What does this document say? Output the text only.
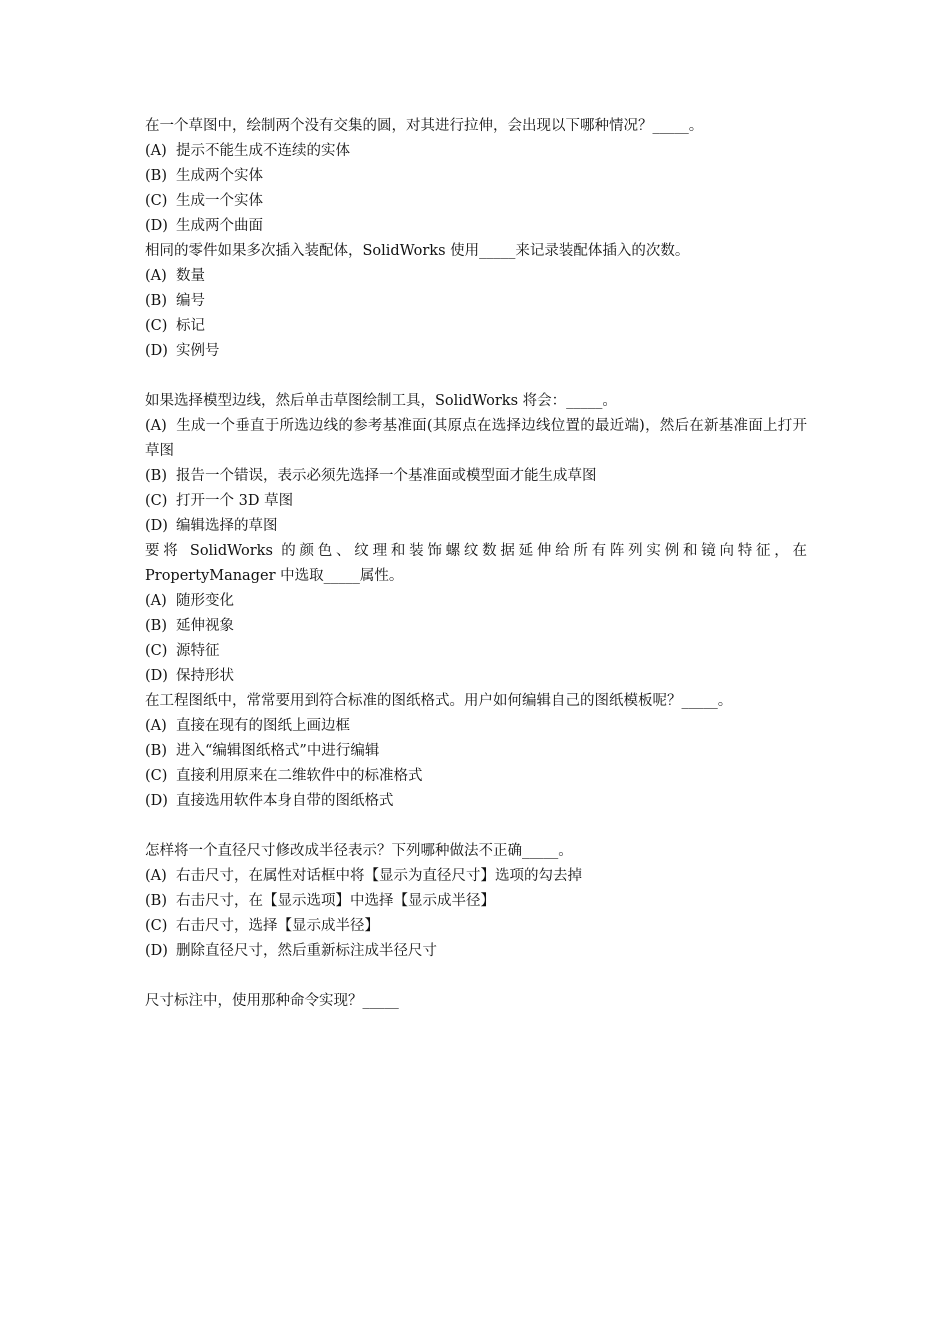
在一个草图中，绘制两个没有交集的圆，对其进行拉伸，会出现以下哪种情况？_____。
(A) 提示不能生成不连续的实体
(B) 生成两个实体
(C) 生成一个实体
(D) 生成两个曲面
相同的零件如果多次插入装配体，SolidWorks 使用_____来记录装配体插入的次数。
(A) 数量
(B) 编号
(C) 标记
(D) 实例号
如果选择模型边线，然后单击草图绘制工具，SolidWorks 将会：_____。
(A) 生成一个垂直于所选边线的参考基准面(其原点在选择边线位置的最近端)，然后在新基准面上打开草图
(B) 报告一个错误，表示必须先选择一个基准面或模型面才能生成草图
(C) 打开一个 3D 草图
(D) 编辑选择的草图
要将 SolidWorks 的颜色、纹理和装饰螺纹数据延伸给所有阵列实例和镜向特征，在 PropertyManager 中选取_____属性。
(A) 随形变化
(B) 延伸视象
(C) 源特征
(D) 保持形状
在工程图纸中，常常要用到符合标准的图纸格式。用户如何编辑自己的图纸模板呢？_____。
(A) 直接在现有的图纸上画边框
(B) 进入“编辑图纸格式”中进行编辑
(C) 直接利用原来在二维软件中的标准格式
(D) 直接选用软件本身自带的图纸格式
怎样将一个直径尺寸修改成半径表示？下列哪种做法不正确_____。
(A) 右击尺寸，在属性对话框中将【显示为直径尺寸】选项的勾去掉
(B) 右击尺寸，在【显示选项】中选择【显示成半径】
(C) 右击尺寸，选择【显示成半径】
(D) 删除直径尺寸，然后重新标注成半径尺寸
尺寸标注中，使用那种命令实现？_____
